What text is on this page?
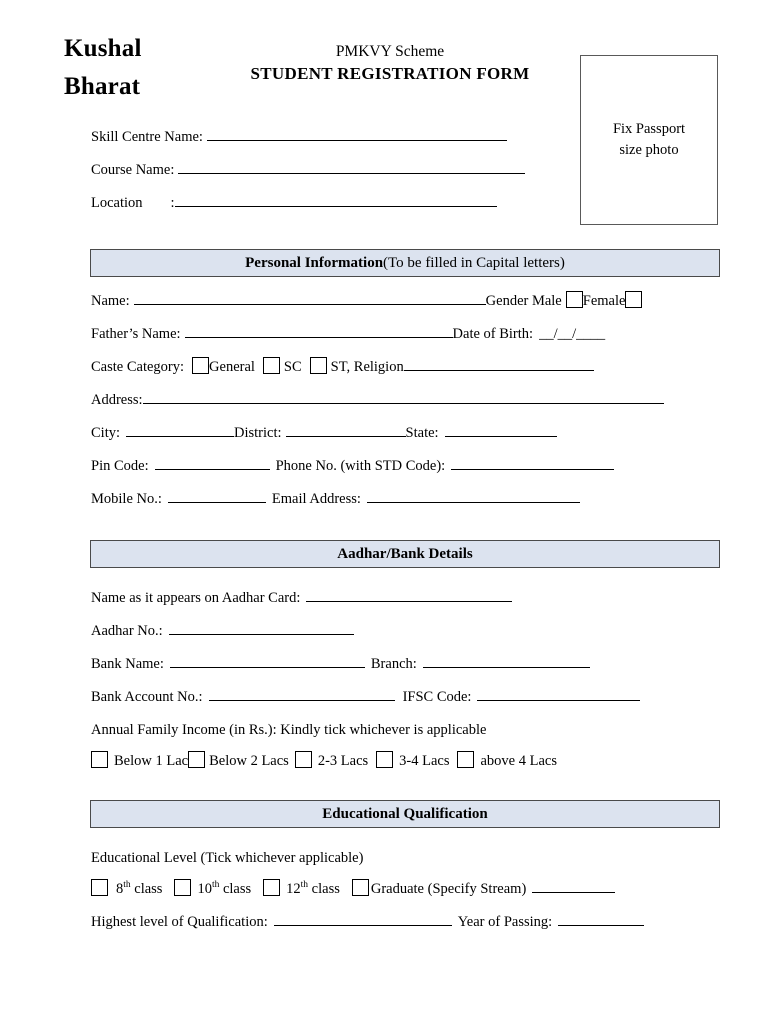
Kushal
Bharat
PMKVY Scheme
STUDENT REGISTRATION FORM
Fix Passport
size photo
Skill Centre Name:
Course Name:
Location :
Personal Information (To be filled in Capital letters)
Name:	Gender Male Female
Father’s Name:	Date of Birth: __/__/____
Caste Category: General SC ST, Religion
Address:
City:	District:	State:
Pin Code:	Phone No. (with STD Code):
Mobile No.:	Email Address:
Aadhar/Bank Details
Name as it appears on Aadhar Card:
Aadhar No.:
Bank Name:	Branch:
Bank Account No.:	IFSC Code:
Annual Family Income (in Rs.): Kindly tick whichever is applicable
Below 1 Lac Below 2 Lacs 2-3 Lacs 3-4 Lacs above 4 Lacs
Educational Qualification
Educational Level (Tick whichever applicable)
8th class 10th class 12th class Graduate (Specify Stream)
Highest level of Qualification:	Year of Passing:
